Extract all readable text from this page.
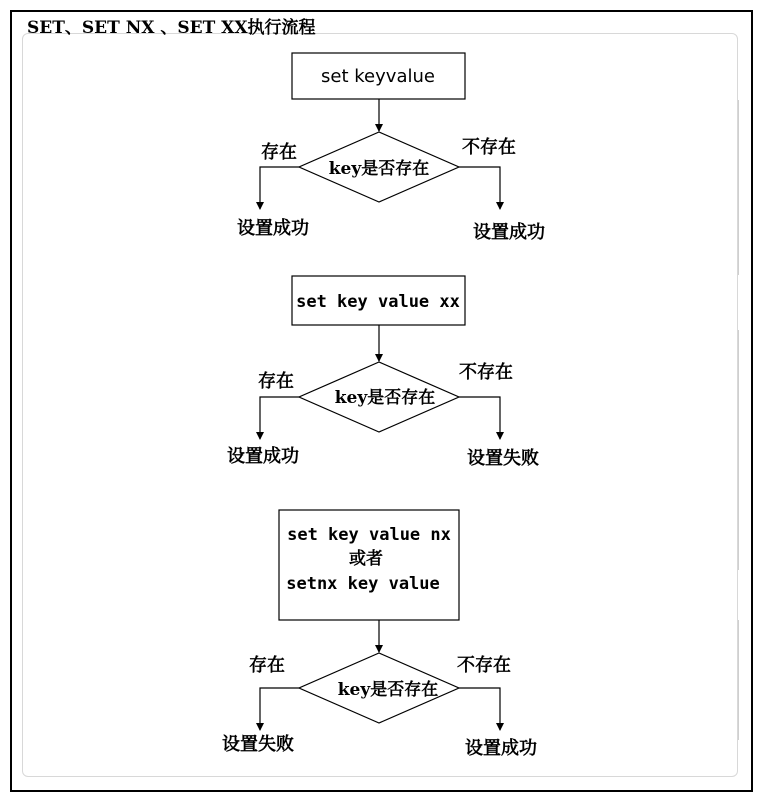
SET、SET NX 、SET XX执行流程
set keyvalue
key是否存在
存在	不存在
设置成功	设置成功
set key value xx
key是否存在
存在	不存在
设置成功	设置失败
set key value nx
或者
setnx key value
key是否存在
存在	不存在
设置失败	设置成功
